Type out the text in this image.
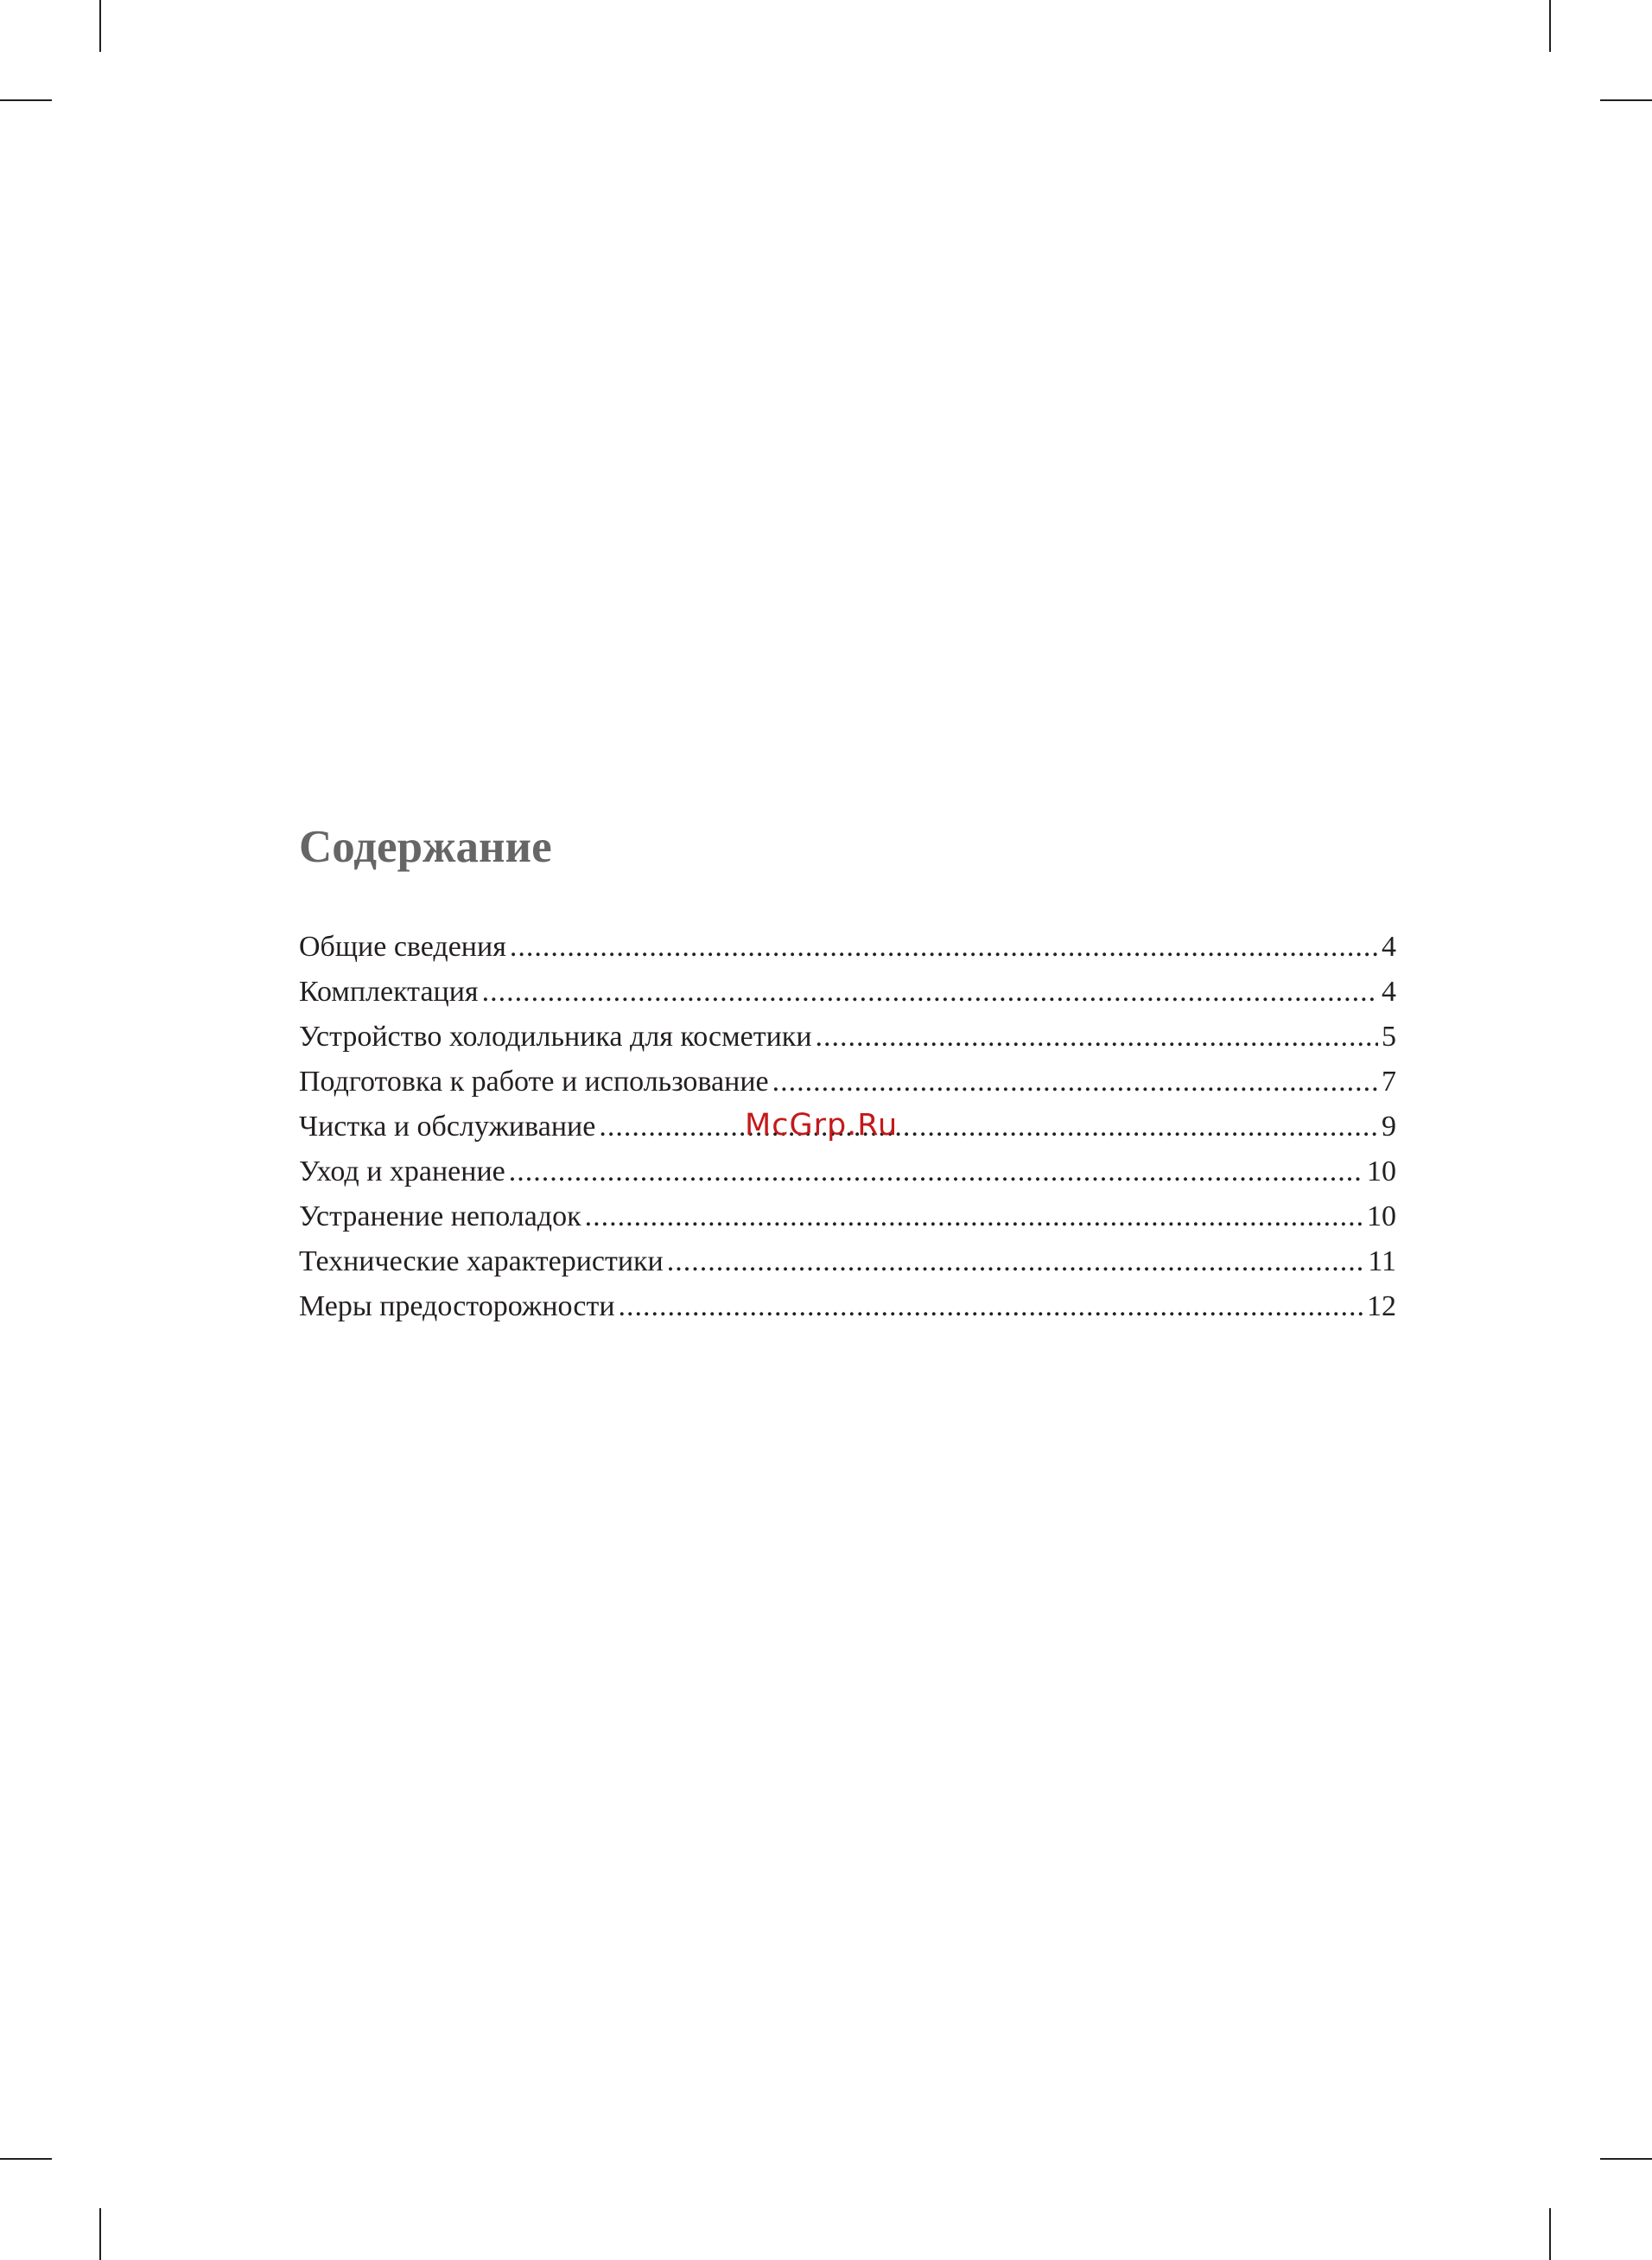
Содержание
Общие сведения .....	4
Комплектация .....	4
Устройство холодильника для косметики .....	5
Подготовка к работе и использование .....	7
Чистка и обслуживание .....	9
Уход и хранение .....	10
Устранение неполадок .....	10
Технические характеристики .....	11
Меры предосторожности .....	12
McGrp.Ru
